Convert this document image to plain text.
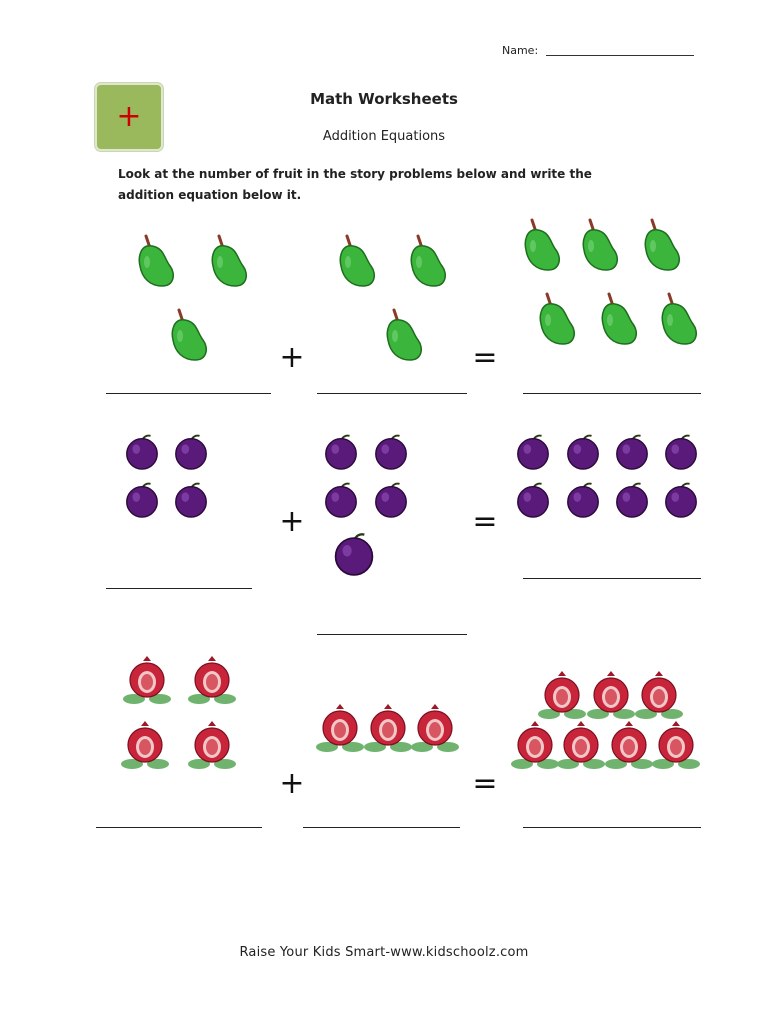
Name:
+	Math Worksheets
Addition Equations
Look at the number of fruit in the story problems below and write the addition equation below it.
+	=
+	=
+	=
Raise Your Kids Smart-www.kidschoolz.com
